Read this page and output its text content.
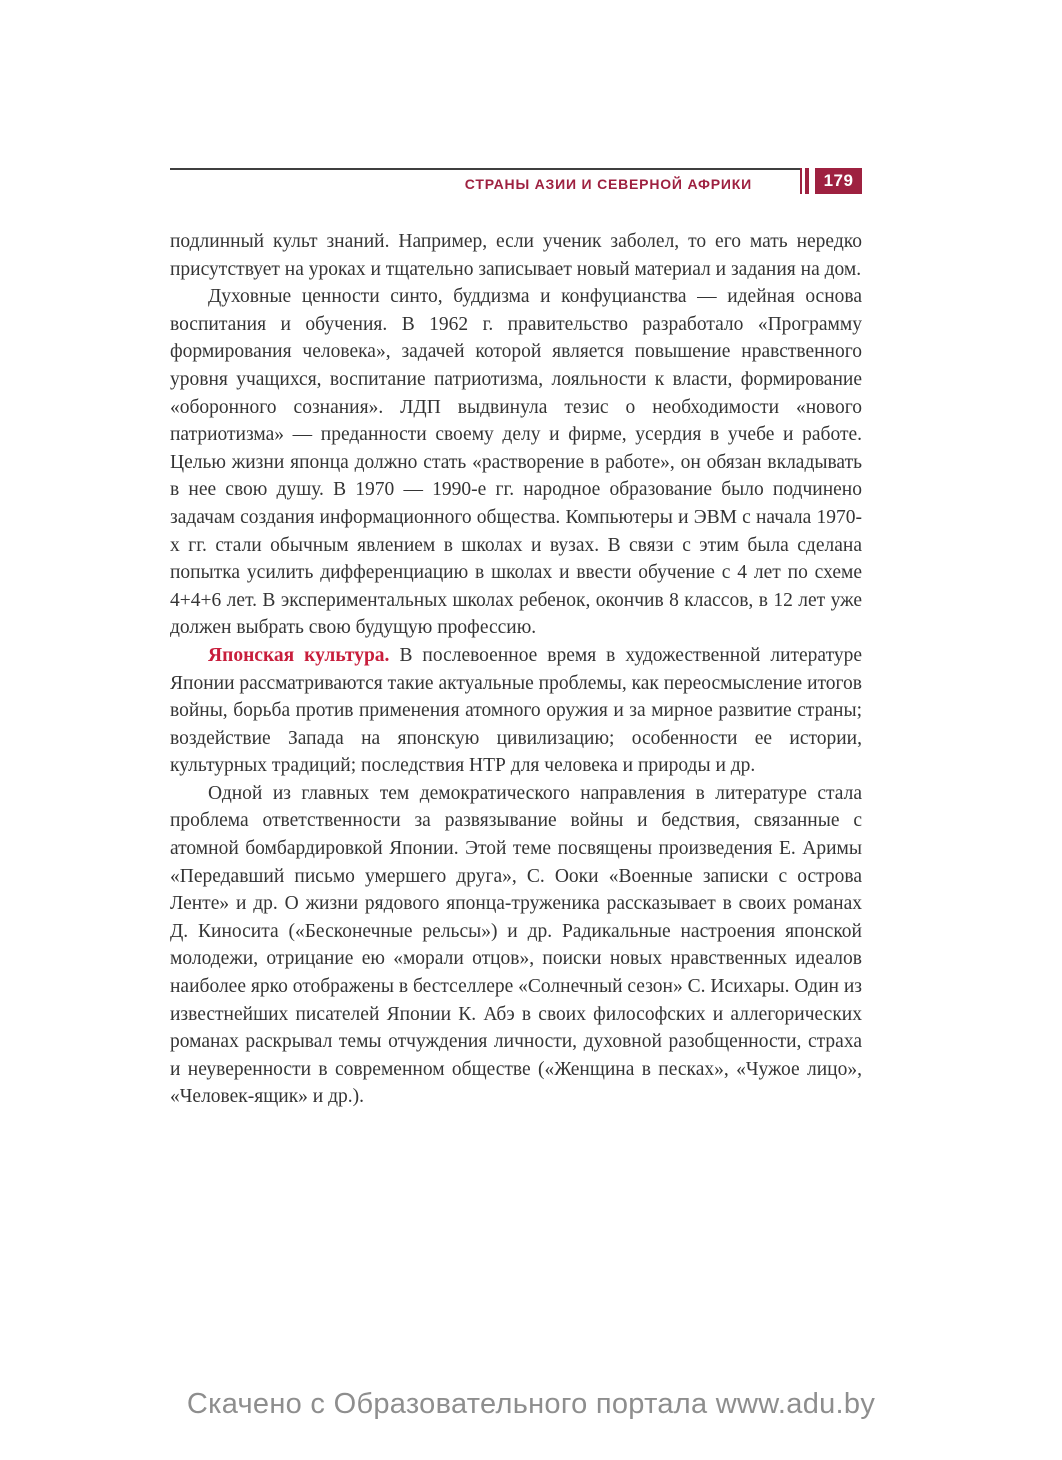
СТРАНЫ АЗИИ И СЕВЕРНОЙ АФРИКИ	179

подлинный культ знаний. Например, если ученик заболел, то его мать нередко присутствует на уроках и тщательно записывает новый материал и задания на дом.

Духовные ценности синто, буддизма и конфуцианства — идейная основа воспитания и обучения. В 1962 г. правительство разработало «Программу формирования человека», задачей которой является повышение нравственного уровня учащихся, воспитание патриотизма, лояльности к власти, формирование «оборонного сознания». ЛДП выдвинула тезис о необходимости «нового патриотизма» — преданности своему делу и фирме, усердия в учебе и работе. Целью жизни японца должно стать «растворение в работе», он обязан вкладывать в нее свою душу. В 1970 — 1990-е гг. народное образование было подчинено задачам создания информационного общества. Компьютеры и ЭВМ с начала 1970-х гг. стали обычным явлением в школах и вузах. В связи с этим была сделана попытка усилить дифференциацию в школах и ввести обучение с 4 лет по схеме 4+4+6 лет. В экспериментальных школах ребенок, окончив 8 классов, в 12 лет уже должен выбрать свою будущую профессию.

Японская культура. В послевоенное время в художественной литературе Японии рассматриваются такие актуальные проблемы, как переосмысление итогов войны, борьба против применения атомного оружия и за мирное развитие страны; воздействие Запада на японскую цивилизацию; особенности ее истории, культурных традиций; последствия НТР для человека и природы и др.

Одной из главных тем демократического направления в литературе стала проблема ответственности за развязывание войны и бедствия, связанные с атомной бомбардировкой Японии. Этой теме посвящены произведения Е. Аримы «Передавший письмо умершего друга», С. Ооки «Военные записки с острова Ленте» и др. О жизни рядового японца-труженика рассказывает в своих романах Д. Киносита («Бесконечные рельсы») и др. Радикальные настроения японской молодежи, отрицание ею «морали отцов», поиски новых нравственных идеалов наиболее ярко отображены в бестселлере «Солнечный сезон» С. Исихары. Один из известнейших писателей Японии К. Абэ в своих философских и аллегорических романах раскрывал темы отчуждения личности, духовной разобщенности, страха и неуверенности в современном обществе («Женщина в песках», «Чужое лицо», «Человек-ящик» и др.).

Скачено с Образовательного портала www.adu.by
